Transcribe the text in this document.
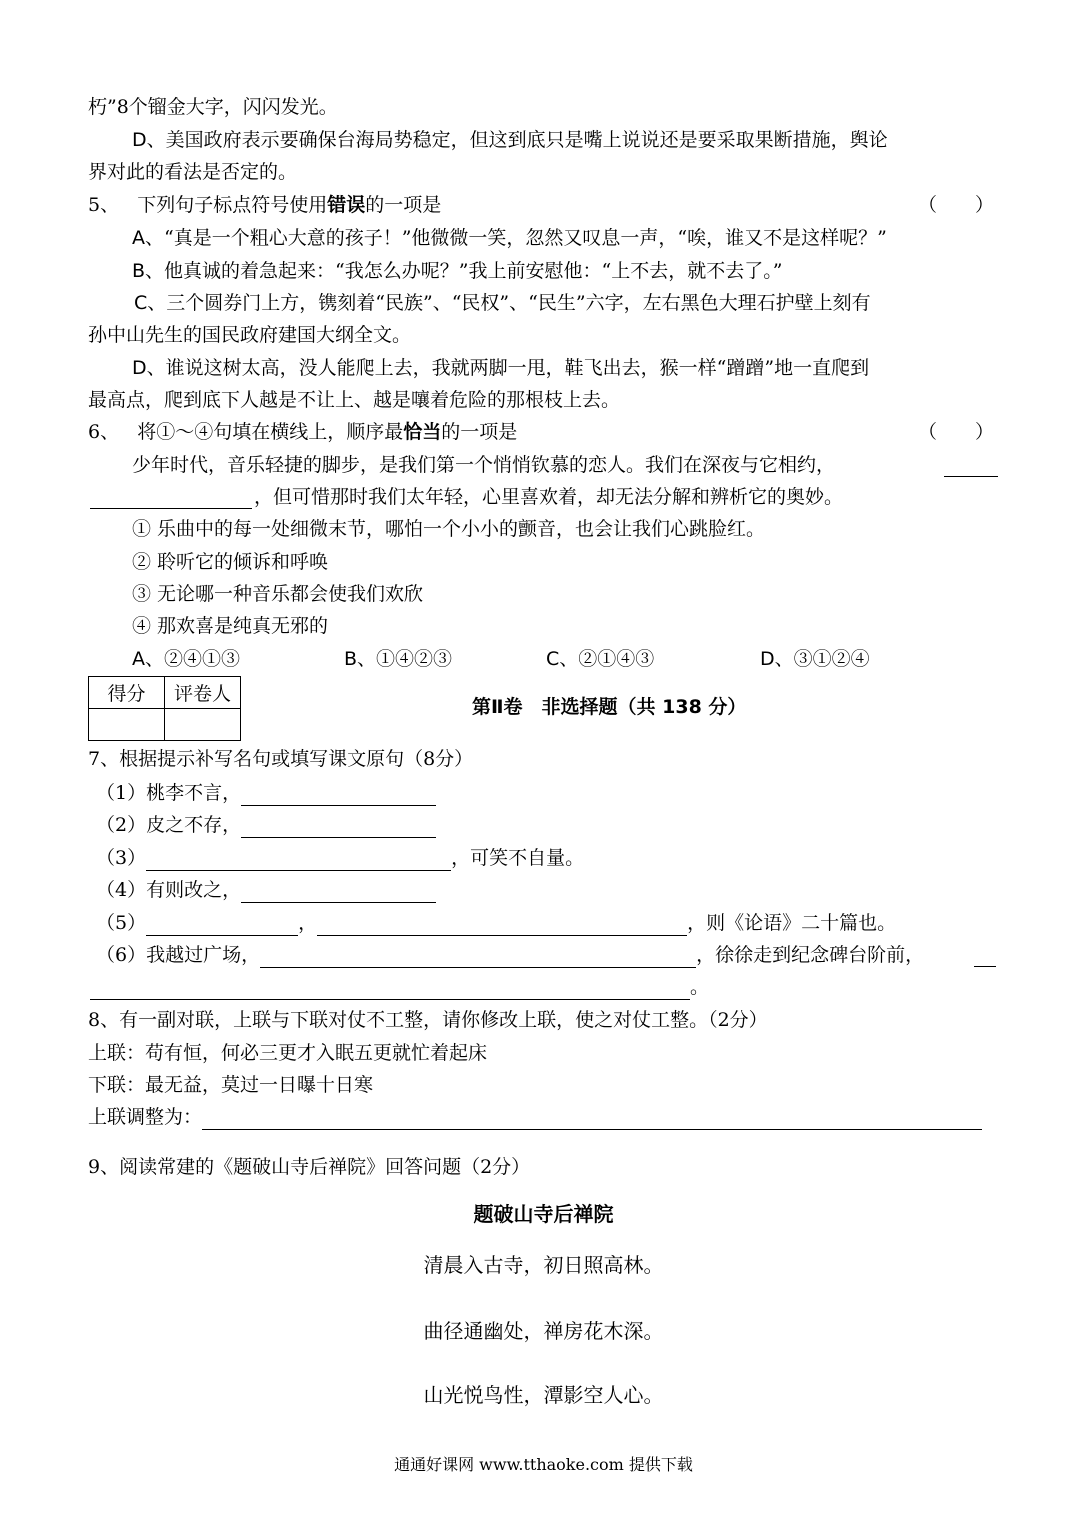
朽”8个镏金大字，闪闪发光。
D、美国政府表示要确保台海局势稳定，但这到底只是嘴上说说还是要采取果断措施，舆论
界对此的看法是否定的。
5、 下列句子标点符号使用错误的一项是	（　　）
A、“真是一个粗心大意的孩子！”他微微一笑，忽然又叹息一声，“唉，谁又不是这样呢？”
B、他真诚的着急起来：“我怎么办呢？”我上前安慰他：“上不去，就不去了。”
C、三个圆券门上方，镌刻着“民族”、“民权”、“民生”六字，左右黑色大理石护壁上刻有
孙中山先生的国民政府建国大纲全文。
D、谁说这树太高，没人能爬上去，我就两脚一甩，鞋飞出去，猴一样“蹭蹭”地一直爬到
最高点，爬到底下人越是不让上、越是嚷着危险的那根枝上去。
6、 将①～④句填在横线上，顺序最恰当的一项是	（　　）
少年时代，音乐轻捷的脚步，是我们第一个悄悄钦慕的恋人。我们在深夜与它相约，
，但可惜那时我们太年轻，心里喜欢着，却无法分解和辨析它的奥妙。
① 乐曲中的每一处细微末节，哪怕一个小小的颤音，也会让我们心跳脸红。
② 聆听它的倾诉和呼唤
③ 无论哪一种音乐都会使我们欢欣
④ 那欢喜是纯真无邪的
A、②④①③	B、①④②③	C、②①④③	D、③①②④
得分	评卷人

第Ⅱ卷　非选择题（共 138 分）
7、根据提示补写名句或填写课文原句（8分）
（1）桃李不言，
（2）皮之不存，
（3）	，可笑不自量。
（4）有则改之，
（5）	，	，则《论语》二十篇也。
（6）我越过广场，	，徐徐走到纪念碑台阶前，
。
8、有一副对联，上联与下联对仗不工整，请你修改上联，使之对仗工整。（2分）
上联：苟有恒，何必三更才入眠五更就忙着起床
下联：最无益，莫过一日曝十日寒
上联调整为：
9、阅读常建的《题破山寺后禅院》回答问题（2分）
题破山寺后禅院
清晨入古寺，初日照高林。
曲径通幽处，禅房花木深。
山光悦鸟性，潭影空人心。
通通好课网 www.tthaoke.com 提供下载
